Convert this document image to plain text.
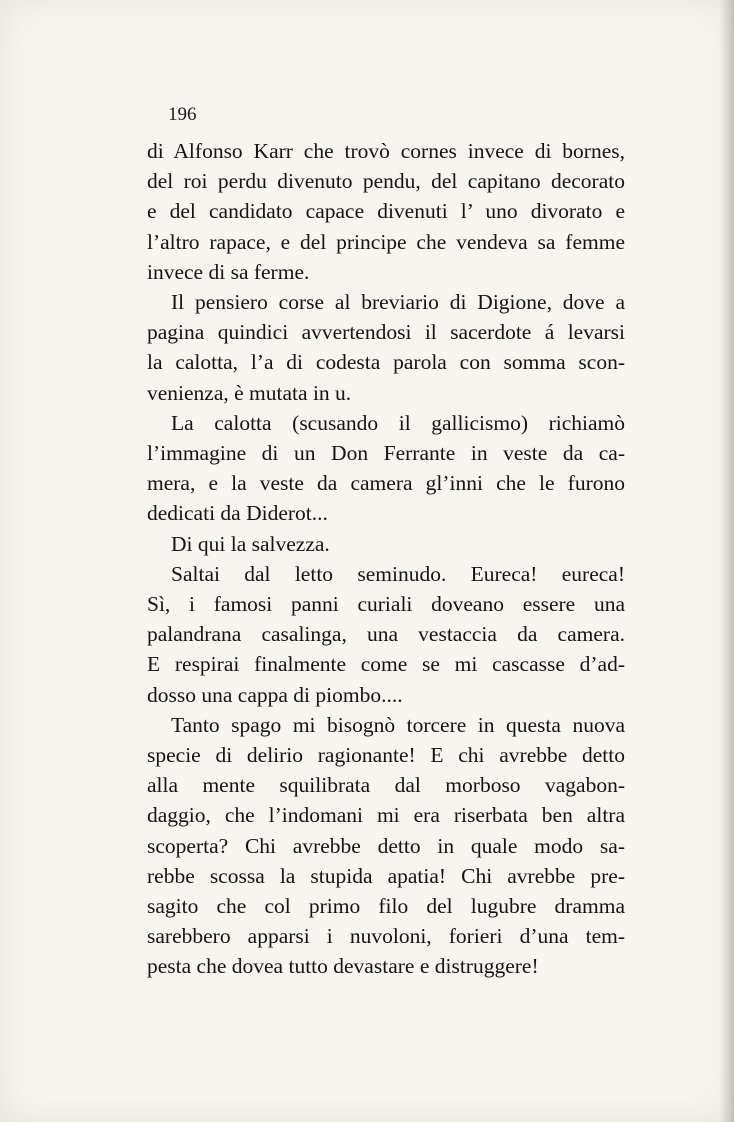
196
di Alfonso Karr che trovò cornes invece di bornes,
del roi perdu divenuto pendu, del capitano decorato
e del candidato capace divenuti l’ uno divorato e
l’altro rapace, e del principe che vendeva sa femme
invece di sa ferme.
Il pensiero corse al breviario di Digione, dove a
pagina quindici avvertendosi il sacerdote á levarsi
la calotta, l’a di codesta parola con somma scon-
venienza, è mutata in u.
La calotta (scusando il gallicismo) richiamò
l’immagine di un Don Ferrante in veste da ca-
mera, e la veste da camera gl’inni che le furono
dedicati da Diderot...
Di qui la salvezza.
Saltai dal letto seminudo. Eureca! eureca!
Sì, i famosi panni curiali doveano essere una
palandrana casalinga, una vestaccia da camera.
E respirai finalmente come se mi cascasse d’ad-
dosso una cappa di piombo....
Tanto spago mi bisognò torcere in questa nuova
specie di delirio ragionante! E chi avrebbe detto
alla mente squilibrata dal morboso vagabon-
daggio, che l’indomani mi era riserbata ben altra
scoperta? Chi avrebbe detto in quale modo sa-
rebbe scossa la stupida apatia! Chi avrebbe pre-
sagito che col primo filo del lugubre dramma
sarebbero apparsi i nuvoloni, forieri d’una tem-
pesta che dovea tutto devastare e distruggere!
